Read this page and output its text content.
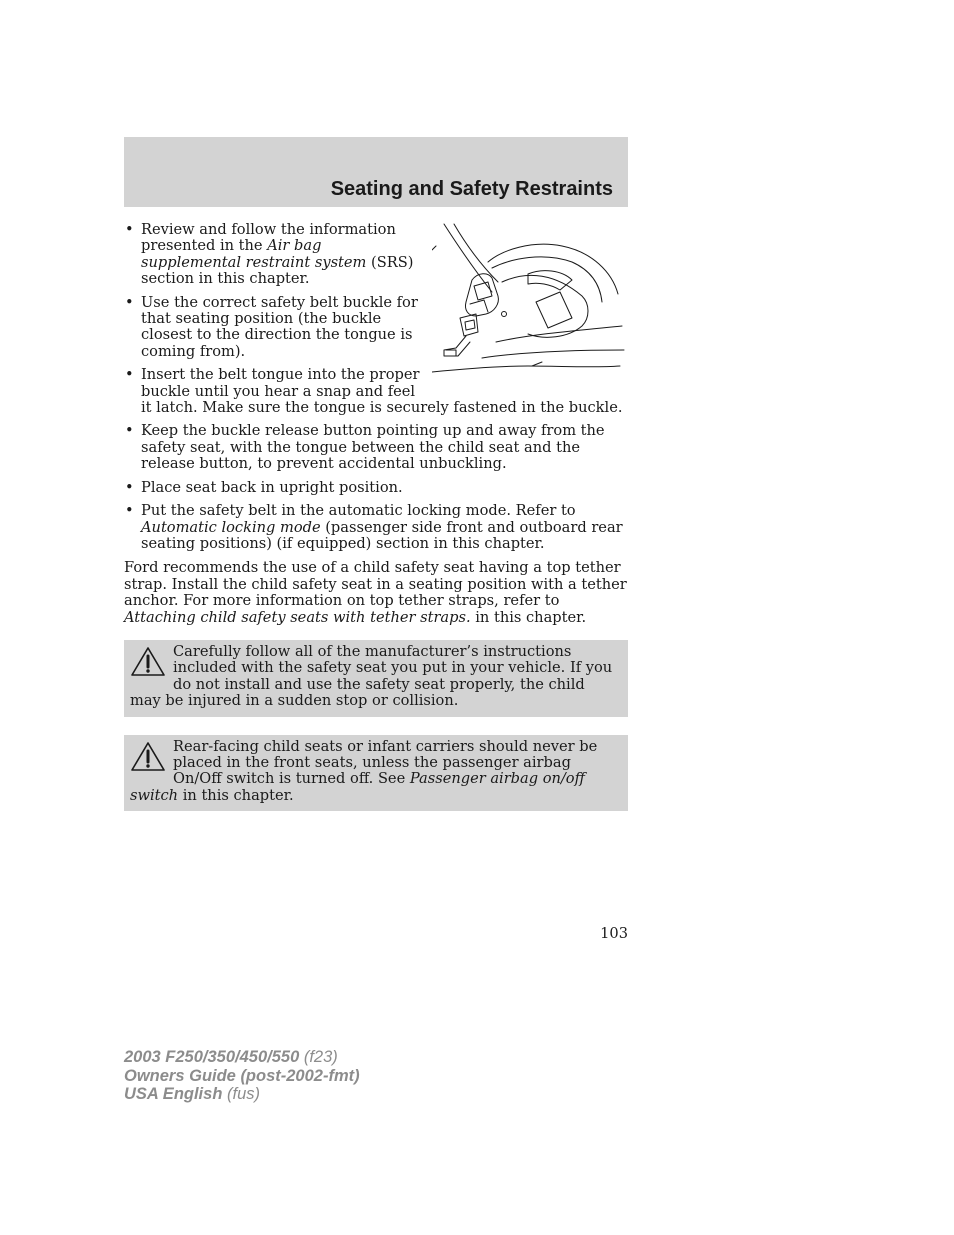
Seating and Safety Restraints
• Review and follow the information presented in the Air bag supplemental restraint system (SRS) section in this chapter.
• Use the correct safety belt buckle for that seating position (the buckle closest to the direction the tongue is coming from).
• Insert the belt tongue into the proper buckle until you hear a snap and feel it latch. Make sure the tongue is securely fastened in the buckle.
• Keep the buckle release button pointing up and away from the safety seat, with the tongue between the child seat and the release button, to prevent accidental unbuckling.
• Place seat back in upright position.
• Put the safety belt in the automatic locking mode. Refer to Automatic locking mode (passenger side front and outboard rear seating positions) (if equipped) section in this chapter.

Ford recommends the use of a child safety seat having a top tether strap. Install the child safety seat in a seating position with a tether anchor. For more information on top tether straps, refer to Attaching child safety seats with tether straps. in this chapter.

Carefully follow all of the manufacturer’s instructions included with the safety seat you put in your vehicle. If you do not install and use the safety seat properly, the child may be injured in a sudden stop or collision.
Rear-facing child seats or infant carriers should never be placed in the front seats, unless the passenger airbag On/Off switch is turned off. See Passenger airbag on/off switch in this chapter.
103
2003 F250/350/450/550 (f23)
Owners Guide (post-2002-fmt)
USA English (fus)
